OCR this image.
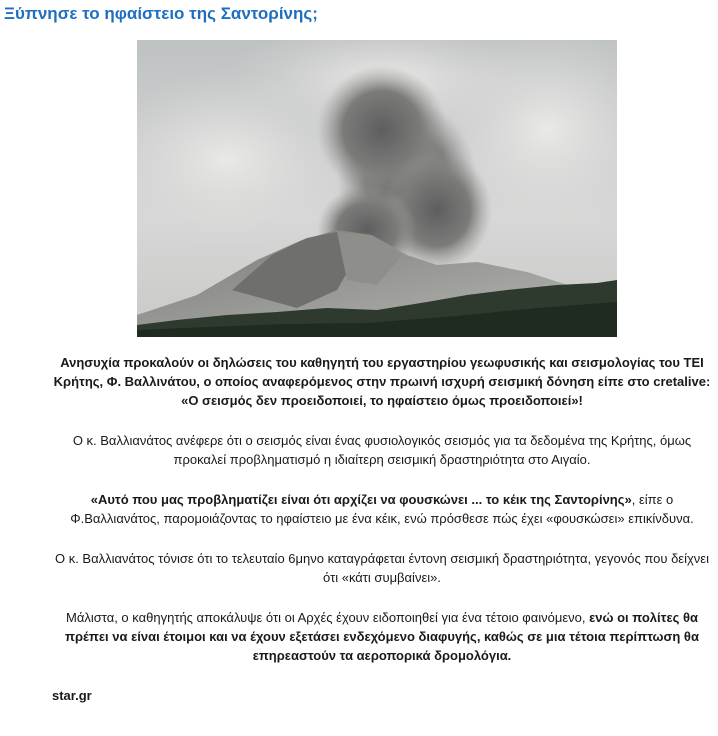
Ξύπνησε το ηφαίστειο της Σαντορίνης;

Ανησυχία προκαλούν οι δηλώσεις του καθηγητή του εργαστηρίου γεωφυσικής και σεισμολογίας του ΤΕΙ Κρήτης, Φ. Βαλλινάτου, ο οποίος αναφερόμενος στην πρωινή ισχυρή σεισμική δόνηση είπε στο cretalive: «Ο σεισμός δεν προειδοποιεί, το ηφαίστειο όμως προειδοποιεί»!

Ο κ. Βαλλιανάτος ανέφερε ότι ο σεισμός είναι ένας φυσιολογικός σεισμός για τα δεδομένα της Κρήτης, όμως προκαλεί προβληματισμό η ιδιαίτερη σεισμική δραστηριότητα στο Αιγαίο.

«Αυτό που μας προβληματίζει είναι ότι αρχίζει να φουσκώνει ... το κέικ της Σαντορίνης», είπε ο Φ.Βαλλιανάτος, παρομοιάζοντας το ηφαίστειο με ένα κέικ, ενώ πρόσθεσε πώς έχει «φουσκώσει» επικίνδυνα.

Ο κ. Βαλλιανάτος τόνισε ότι το τελευταίο 6μηνο καταγράφεται έντονη σεισμική δραστηριότητα, γεγονός που δείχνει ότι «κάτι συμβαίνει».

Μάλιστα, ο καθηγητής αποκάλυψε ότι οι Αρχές έχουν ειδοποιηθεί για ένα τέτοιο φαινόμενο, ενώ οι πολίτες θα πρέπει να είναι έτοιμοι και να έχουν εξετάσει ενδεχόμενο διαφυγής, καθώς σε μια τέτοια περίπτωση θα επηρεαστούν τα αεροπορικά δρομολόγια.

star.gr
